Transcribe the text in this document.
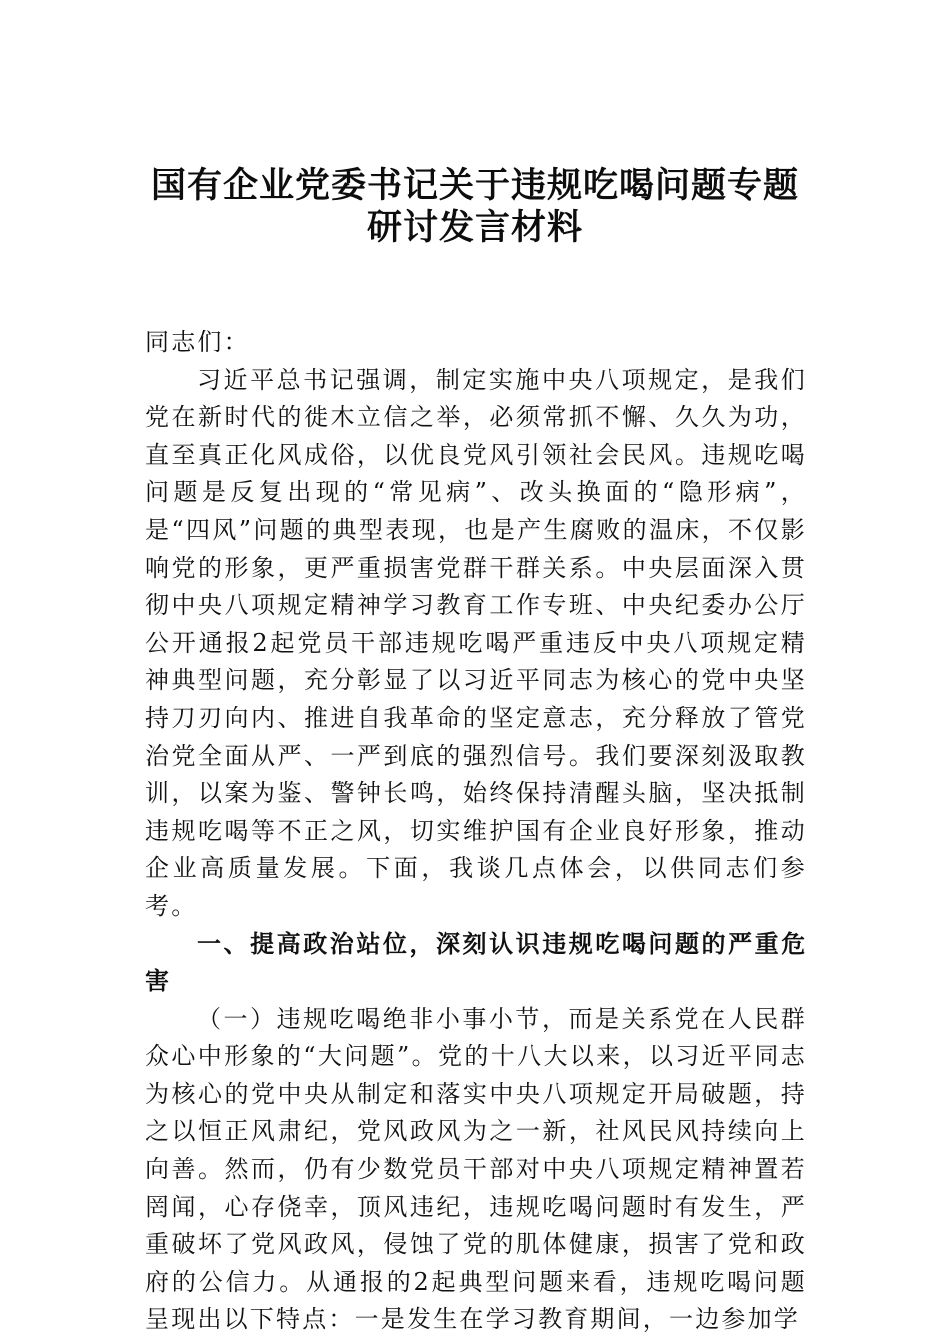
国有企业党委书记关于违规吃喝问题专题
研讨发言材料

同志们：

习近平总书记强调，制定实施中央八项规定，是我们党在新时代的徙木立信之举，必须常抓不懈、久久为功，直至真正化风成俗，以优良党风引领社会民风。违规吃喝问题是反复出现的“常见病”、改头换面的“隐形病”，是“四风”问题的典型表现，也是产生腐败的温床，不仅影响党的形象，更严重损害党群干群关系。中央层面深入贯彻中央八项规定精神学习教育工作专班、中央纪委办公厅公开通报2起党员干部违规吃喝严重违反中央八项规定精神典型问题，充分彰显了以习近平同志为核心的党中央坚持刀刃向内、推进自我革命的坚定意志，充分释放了管党治党全面从严、一严到底的强烈信号。我们要深刻汲取教训，以案为鉴、警钟长鸣，始终保持清醒头脑，坚决抵制违规吃喝等不正之风，切实维护国有企业良好形象，推动企业高质量发展。下面，我谈几点体会，以供同志们参考。

一、提高政治站位，深刻认识违规吃喝问题的严重危害

（一）违规吃喝绝非小事小节，而是关系党在人民群众心中形象的“大问题”。党的十八大以来，以习近平同志为核心的党中央从制定和落实中央八项规定开局破题，持之以恒正风肃纪，党风政风为之一新，社风民风持续向上向善。然而，仍有少数党员干部对中央八项规定精神置若罔闻，心存侥幸，顶风违纪，违规吃喝问题时有发生，严重破坏了党风政风，侵蚀了党的肌体健康，损害了党和政府的公信力。从通报的2起典型问题来看，违规吃喝问题呈现出以下特点：一是发生在学习教育期间，一边参加学
